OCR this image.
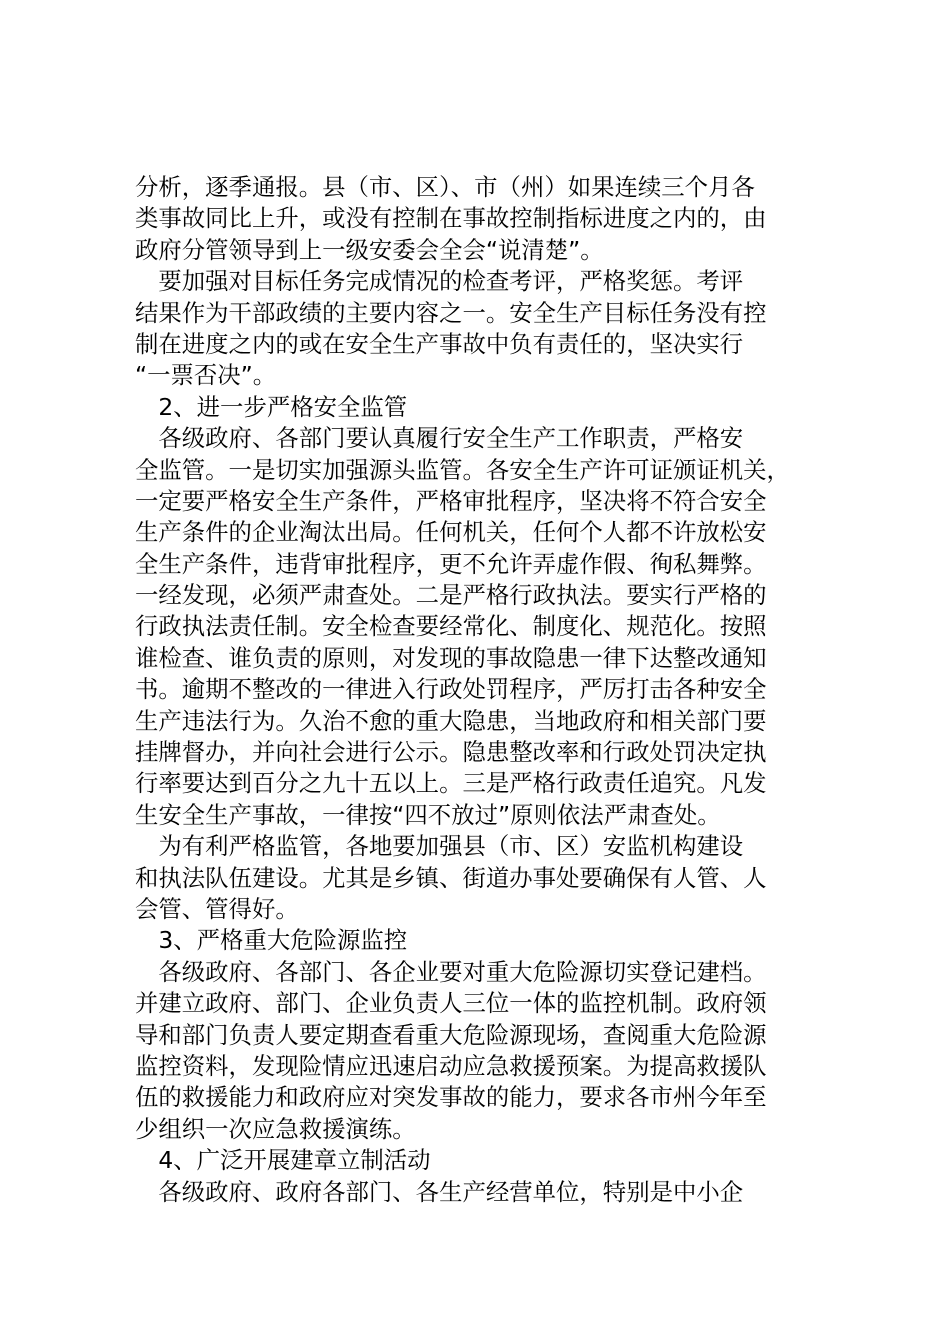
分析，逐季通报。县（市、区）、市（州）如果连续三个月各
类事故同比上升，或没有控制在事故控制指标进度之内的，由
政府分管领导到上一级安委会全会“说清楚”。
　要加强对目标任务完成情况的检查考评，严格奖惩。考评
结果作为干部政绩的主要内容之一。安全生产目标任务没有控
制在进度之内的或在安全生产事故中负有责任的，坚决实行
“一票否决”。
　2、进一步严格安全监管
　各级政府、各部门要认真履行安全生产工作职责，严格安
全监管。一是切实加强源头监管。各安全生产许可证颁证机关，
一定要严格安全生产条件，严格审批程序，坚决将不符合安全
生产条件的企业淘汰出局。任何机关，任何个人都不许放松安
全生产条件，违背审批程序，更不允许弄虚作假、徇私舞弊。
一经发现，必须严肃查处。二是严格行政执法。要实行严格的
行政执法责任制。安全检查要经常化、制度化、规范化。按照
谁检查、谁负责的原则，对发现的事故隐患一律下达整改通知
书。逾期不整改的一律进入行政处罚程序，严厉打击各种安全
生产违法行为。久治不愈的重大隐患，当地政府和相关部门要
挂牌督办，并向社会进行公示。隐患整改率和行政处罚决定执
行率要达到百分之九十五以上。三是严格行政责任追究。凡发
生安全生产事故，一律按“四不放过”原则依法严肃查处。
　为有利严格监管，各地要加强县（市、区）安监机构建设
和执法队伍建设。尤其是乡镇、街道办事处要确保有人管、人
会管、管得好。
　3、严格重大危险源监控
　各级政府、各部门、各企业要对重大危险源切实登记建档。
并建立政府、部门、企业负责人三位一体的监控机制。政府领
导和部门负责人要定期查看重大危险源现场，查阅重大危险源
监控资料，发现险情应迅速启动应急救援预案。为提高救援队
伍的救援能力和政府应对突发事故的能力，要求各市州今年至
少组织一次应急救援演练。
　4、广泛开展建章立制活动
　各级政府、政府各部门、各生产经营单位，特别是中小企
